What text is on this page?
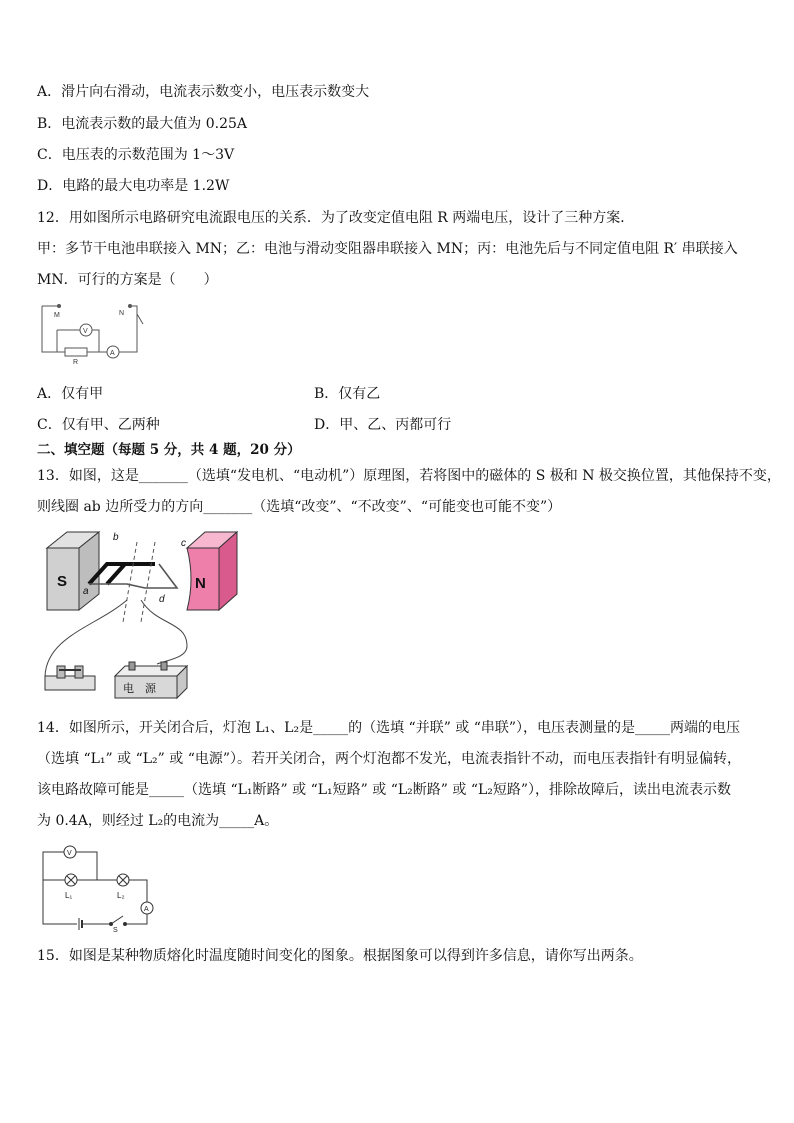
A．滑片向右滑动，电流表示数变小，电压表示数变大
B．电流表示数的最大值为 0.25A
C．电压表的示数范围为 1～3V
D．电路的最大电功率是 1.2W
12．用如图所示电路研究电流跟电压的关系．为了改变定值电阻 R 两端电压，设计了三种方案．
甲：多节干电池串联接入 MN；乙：电池与滑动变阻器串联接入 MN；丙：电池先后与不同定值电阻 R′ 串联接入
MN．可行的方案是（　　）
M	N
V
A
R
A．仅有甲	B．仅有乙
C．仅有甲、乙两种	D．甲、乙、丙都可行
二、填空题（每题 5 分，共 4 题，20 分）
13．如图，这是_______（选填“发电机、“电动机”）原理图，若将图中的磁体的 S 极和 N 极交换位置，其他保持不变，
则线圈 ab 边所受力的方向_______（选填“改变”、“不改变”、“可能变也可能不变”）
S	N
b
a
c
d
电　源
14．如图所示，开关闭合后，灯泡 L₁、L₂是_____的（选填 “并联” 或 “串联”），电压表测量的是_____两端的电压
（选填 “L₁” 或 “L₂” 或 “电源”）。若开关闭合，两个灯泡都不发光，电流表指针不动，而电压表指针有明显偏转，
该电路故障可能是_____（选填 “L₁断路” 或 “L₁短路” 或 “L₂断路” 或 “L₂短路”），排除故障后，读出电流表示数
为 0.4A，则经过 L₂的电流为_____A。
V
A
L₁	L₂
S
15．如图是某种物质熔化时温度随时间变化的图象。根据图象可以得到许多信息，请你写出两条。
